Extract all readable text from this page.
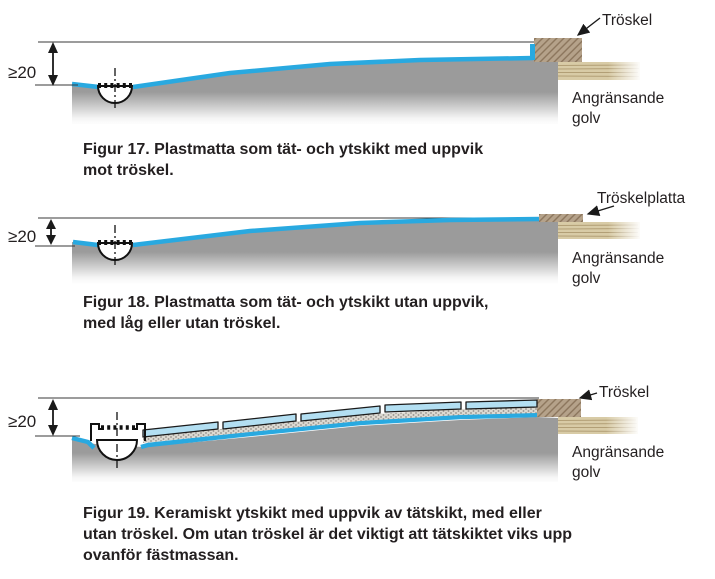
≥20
Tröskel
Angränsande
golv
Figur 17. Plastmatta som tät- och ytskikt med uppvik
mot tröskel.
≥20
Tröskelplatta
Angränsande
golv
Figur 18. Plastmatta som tät- och ytskikt utan uppvik,
med låg eller utan tröskel.
≥20
Tröskel
Angränsande
golv
Figur 19. Keramiskt ytskikt med uppvik av tätskikt, med eller
utan tröskel. Om utan tröskel är det viktigt att tätskiktet viks upp
ovanför fästmassan.
